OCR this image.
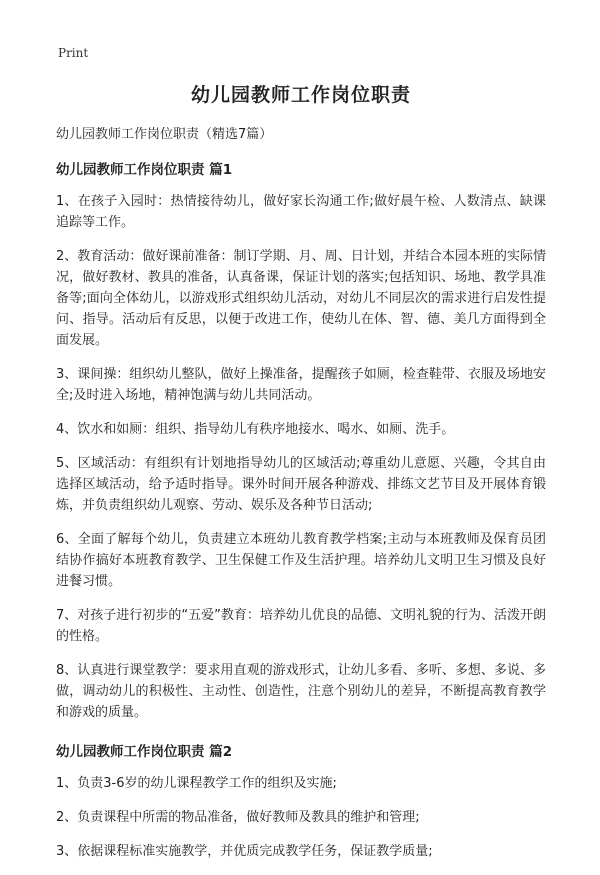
Print
幼儿园教师工作岗位职责
幼儿园教师工作岗位职责（精选7篇）
幼儿园教师工作岗位职责 篇1
1、在孩子入园时：热情接待幼儿，做好家长沟通工作;做好晨午检、人数清点、缺课追踪等工作。
2、教育活动：做好课前准备：制订学期、月、周、日计划，并结合本园本班的实际情况，做好教材、教具的准备，认真备课，保证计划的落实;包括知识、场地、教学具准备等;面向全体幼儿，以游戏形式组织幼儿活动，对幼儿不同层次的需求进行启发性提问、指导。活动后有反思，以便于改进工作，使幼儿在体、智、德、美几方面得到全面发展。
3、课间操：组织幼儿整队，做好上操准备，提醒孩子如厕，检查鞋带、衣服及场地安全;及时进入场地，精神饱满与幼儿共同活动。
4、饮水和如厕：组织、指导幼儿有秩序地接水、喝水、如厕、洗手。
5、区域活动：有组织有计划地指导幼儿的区域活动;尊重幼儿意愿、兴趣，令其自由选择区域活动，给予适时指导。课外时间开展各种游戏、排练文艺节目及开展体育锻炼，并负责组织幼儿观察、劳动、娱乐及各种节日活动;
6、全面了解每个幼儿，负责建立本班幼儿教育教学档案;主动与本班教师及保育员团结协作搞好本班教育教学、卫生保健工作及生活护理。培养幼儿文明卫生习惯及良好进餐习惯。
7、对孩子进行初步的“五爱”教育：培养幼儿优良的品德、文明礼貌的行为、活泼开朗的性格。
8、认真进行课堂教学：要求用直观的游戏形式，让幼儿多看、多听、多想、多说、多做，调动幼儿的积极性、主动性、创造性，注意个别幼儿的差异，不断提高教育教学和游戏的质量。
幼儿园教师工作岗位职责 篇2
1、负责3-6岁的幼儿课程教学工作的组织及实施;
2、负责课程中所需的物品准备，做好教师及教具的维护和管理;
3、依据课程标准实施教学，并优质完成教学任务，保证教学质量;
